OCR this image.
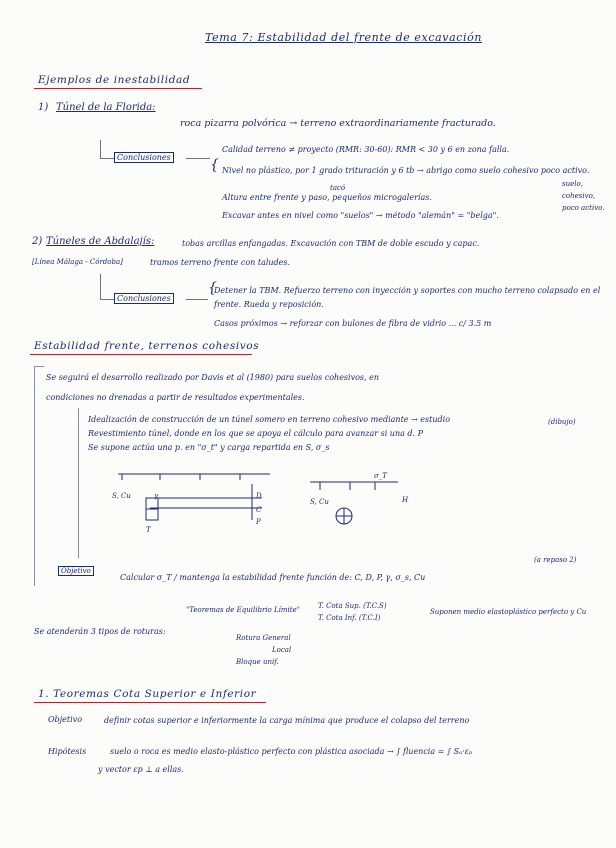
Tema 7: Estabilidad del frente de excavación
Ejemplos de inestabilidad
1) Túnel de la Florida:
roca pizarra polvórica → terreno extraordinariamente fracturado.
Conclusiones	{
Calidad terreno ≠ proyecto (RMR: 30-60): RMR < 30 y 6 en zona falla.
Nivel no plástico, por 1 grado trituración y 6 tb → abrigo como suelo cohesivo poco activo.
suelo, cohesivo, poco activo.
tacó
Altura entre frente y paso, pequeños microgalerías.
Excavar antes en nivel como "suelos" → método "alemán" = "belga".
2) Túneles de Abdalajís:	tobas arcillas enfangadas. Excavación con TBM de doble escudo y capac.
[Línea Málaga - Córdoba]	tramos terreno frente con taludes.
Conclusiones
{
Detener la TBM. Refuerzo terreno con inyección y soportes con mucho terreno colapsado en el frente. Rueda y reposición.
Casos próximos → reforzar con bulones de fibra de vidrio ... c/ 3.5 m
Estabilidad frente, terrenos cohesivos
Se seguirá el desarrollo realizado por Davis et al (1980) para suelos cohesivos, en
condiciones no drenadas a partir de resultados experimentales.
Idealización de construcción de un túnel somero en terreno cohesivo mediante → estudio	(dibujo)
Revestimiento túnel, donde en los que se apoya el cálculo para avanzar si una d. P
Se supone actúa una p. en "σ_t" y carga repartida en S, σ_s
S, Cu	γ	D
C
P
T
σ_T
H
S, Cu
(a repaso 2)
Objetivo
Calcular σ_T / mantenga la estabilidad frente función de: C, D, P, γ, σ_s, Cu
"Teoremas de Equilibrio Límite"	T. Cota Sup. (T.C.S)
T. Cota Inf. (T.C.I)
Suponen medio elastoplástico perfecto y Cu
Se atenderán 3 tipos de roturas:
Rotura General
Local
Bloque unif.
1. Teoremas Cota Superior e Inferior
Objetivo	definir cotas superior e inferiormente la carga mínima que produce el colapso del terreno
Hipótesis	suelo o roca es medio elasto-plástico perfecto con plástica asociada → ∫ fluencia = ∫ Sₐ·εₚ
y vector εp ⊥ a ellas.
